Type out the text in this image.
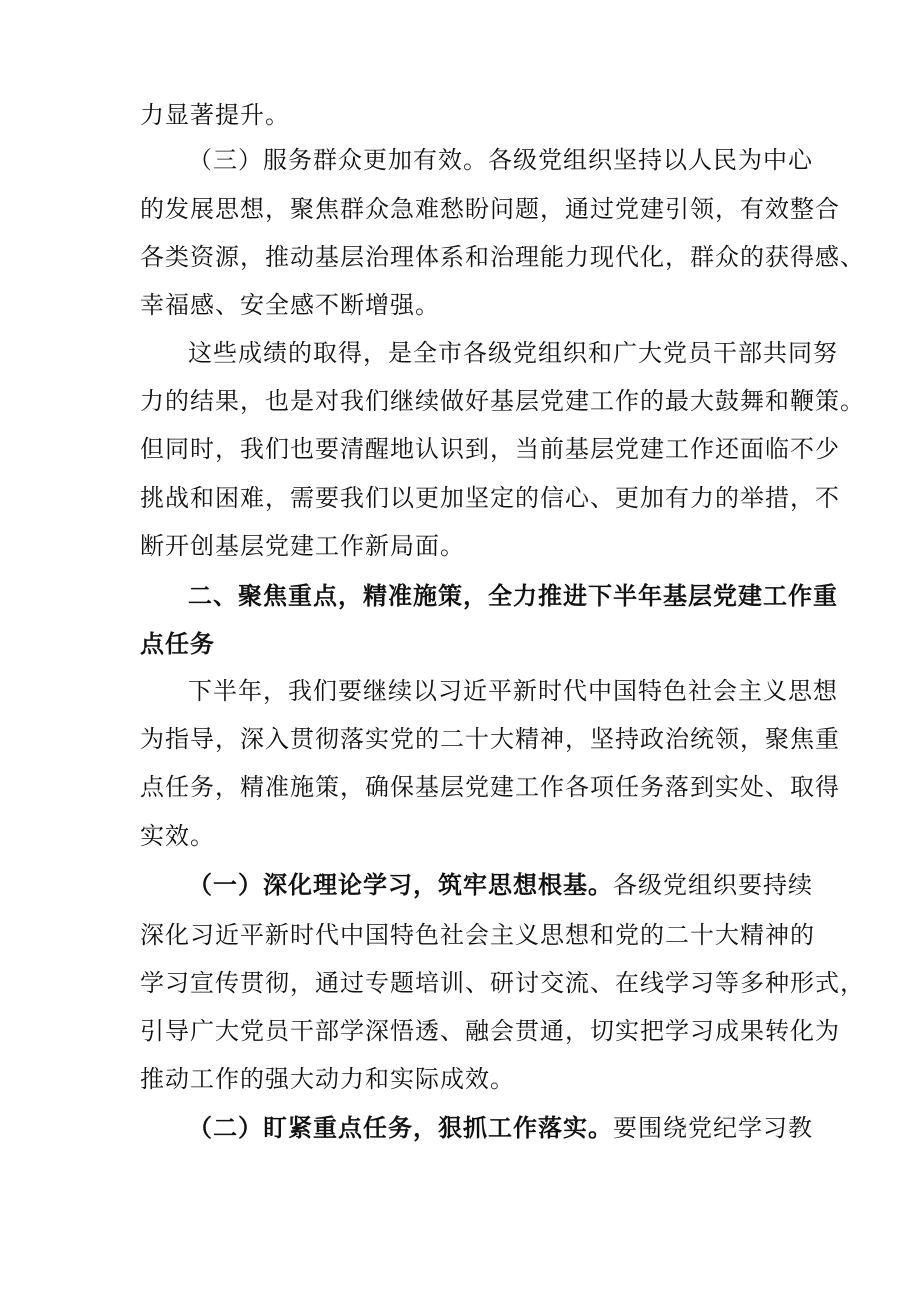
力显著提升。
（三）服务群众更加有效。各级党组织坚持以人民为中心
的发展思想，聚焦群众急难愁盼问题，通过党建引领，有效整合
各类资源，推动基层治理体系和治理能力现代化，群众的获得感、
幸福感、安全感不断增强。
这些成绩的取得，是全市各级党组织和广大党员干部共同努
力的结果，也是对我们继续做好基层党建工作的最大鼓舞和鞭策。
但同时，我们也要清醒地认识到，当前基层党建工作还面临不少
挑战和困难，需要我们以更加坚定的信心、更加有力的举措，不
断开创基层党建工作新局面。
二、聚焦重点，精准施策，全力推进下半年基层党建工作重
点任务
下半年，我们要继续以习近平新时代中国特色社会主义思想
为指导，深入贯彻落实党的二十大精神，坚持政治统领，聚焦重
点任务，精准施策，确保基层党建工作各项任务落到实处、取得
实效。
（一）深化理论学习，筑牢思想根基。各级党组织要持续
深化习近平新时代中国特色社会主义思想和党的二十大精神的
学习宣传贯彻，通过专题培训、研讨交流、在线学习等多种形式，
引导广大党员干部学深悟透、融会贯通，切实把学习成果转化为
推动工作的强大动力和实际成效。
（二）盯紧重点任务，狠抓工作落实。要围绕党纪学习教
